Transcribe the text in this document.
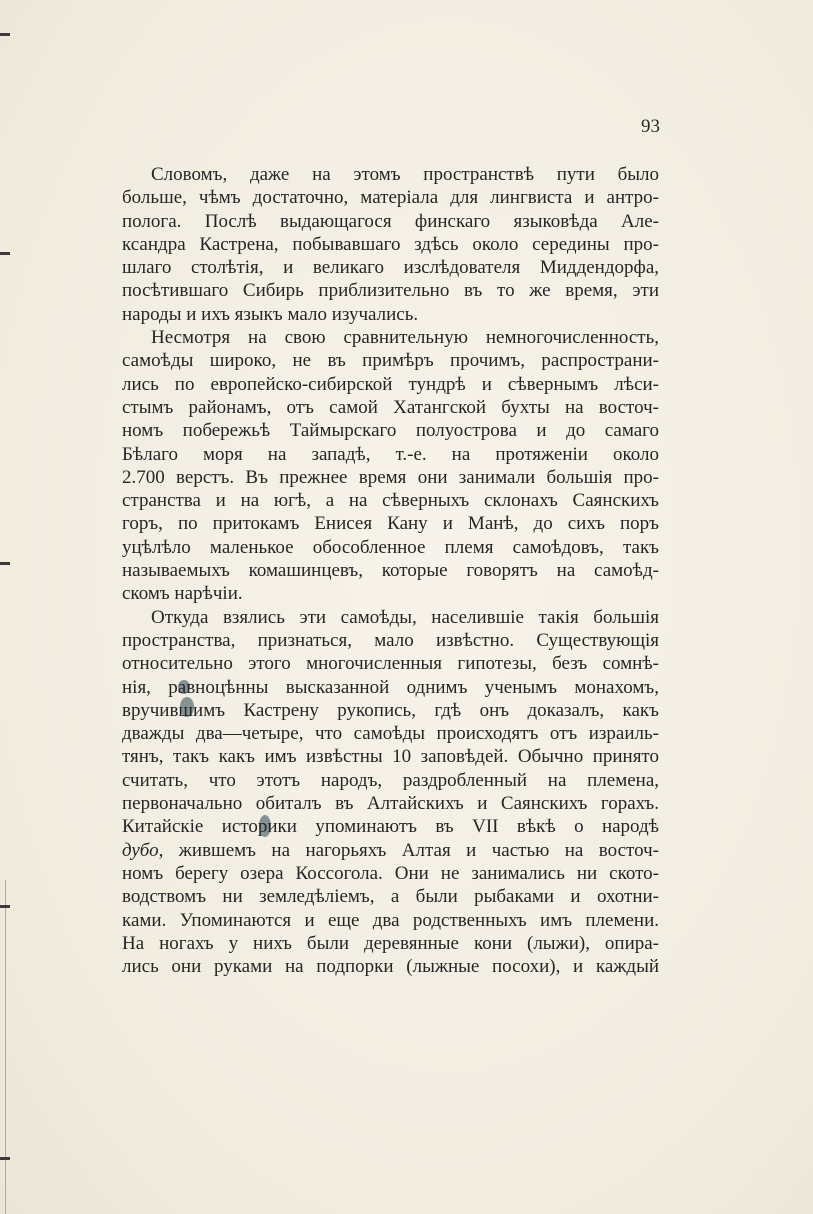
93

Словомъ, даже на этомъ пространствѣ пути было
больше, чѣмъ достаточно, матеріала для лингвиста и антро-
полога. Послѣ выдающагося финскаго языковѣда Але-
ксандра Кастрена, побывавшаго здѣсь около середины про-
шлаго столѣтія, и великаго изслѣдователя Миддендорфа,
посѣтившаго Сибирь приблизительно въ то же время, эти
народы и ихъ языкъ мало изучались.

Несмотря на свою сравнительную немногочисленность,
самоѣды широко, не въ примѣръ прочимъ, распространи-
лись по европейско-сибирской тундрѣ и сѣвернымъ лѣси-
стымъ районамъ, отъ самой Хатангской бухты на восточ-
номъ побережьѣ Таймырскаго полуострова и до самаго
Бѣлаго моря на западѣ, т.-е. на протяженіи около
2.700 верстъ. Въ прежнее время они занимали большія про-
странства и на югѣ, а на сѣверныхъ склонахъ Саянскихъ
горъ, по притокамъ Енисея Кану и Манѣ, до сихъ поръ
уцѣлѣло маленькое обособленное племя самоѣдовъ, такъ
называемыхъ комашинцевъ, которые говорятъ на самоѣд-
скомъ нарѣчіи.

Откуда взялись эти самоѣды, населившіе такія большія
пространства, признаться, мало извѣстно. Существующія
относительно этого многочисленныя гипотезы, безъ сомнѣ-
нія, равноцѣнны высказанной однимъ ученымъ монахомъ,
вручившимъ Кастрену рукопись, гдѣ онъ доказалъ, какъ
дважды два—четыре, что самоѣды происходятъ отъ израиль-
тянъ, такъ какъ имъ извѣстны 10 заповѣдей. Обычно принято
считать, что этотъ народъ, раздробленный на племена,
первоначально обиталъ въ Алтайскихъ и Саянскихъ горахъ.
Китайскіе историки упоминаютъ въ VII вѣкѣ о народѣ
дубо, жившемъ на нагорьяхъ Алтая и частью на восточ-
номъ берегу озера Коссогола. Они не занимались ни ското-
водствомъ ни земледѣліемъ, а были рыбаками и охотни-
ками. Упоминаются и еще два родственныхъ имъ племени.
На ногахъ у нихъ были деревянные кони (лыжи), опира-
лись они руками на подпорки (лыжные посохи), и каждый
